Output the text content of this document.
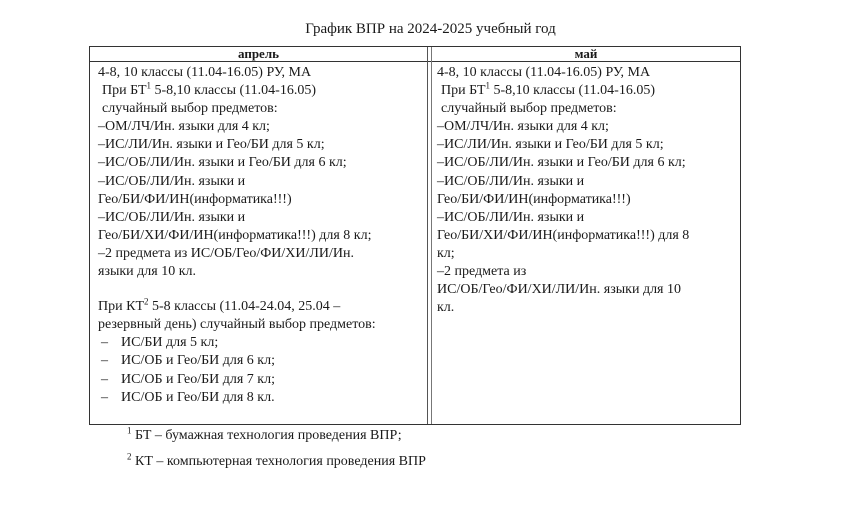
График ВПР на 2024-2025 учебный год
апрель	май
4-8, 10 классы (11.04-16.05) РУ, МА
При $БТ^1$ 5-8,10 классы (11.04-16.05)
случайный выбор предметов:
–ОМ/ЛЧ/Ин. языки для 4 кл;
–ИС/ЛИ/Ин. языки и Гео/БИ для 5 кл;
–ИС/ОБ/ЛИ/Ин. языки и Гео/БИ для 6 кл;
–ИС/ОБ/ЛИ/Ин. языки и
Гео/БИ/ФИ/ИН(информатика!!!)
–ИС/ОБ/ЛИ/Ин. языки и
Гео/БИ/ХИ/ФИ/ИН(информатика!!!) для 8 кл;
–2 предмета из ИС/ОБ/Гео/ФИ/ХИ/ЛИ/Ин.
языки для 10 кл.
При $КТ^2$ 5-8 классы (11.04-24.04, 25.04 –
резервный день) случайный выбор предметов:
– ИС/БИ для 5 кл;
– ИС/ОБ и Гео/БИ для 6 кл;
– ИС/ОБ и Гео/БИ для 7 кл;
– ИС/ОБ и Гео/БИ для 8 кл.
4-8, 10 классы (11.04-16.05) РУ, МА
При $БТ^1$ 5-8,10 классы (11.04-16.05)
случайный выбор предметов:
–ОМ/ЛЧ/Ин. языки для 4 кл;
–ИС/ЛИ/Ин. языки и Гео/БИ для 5 кл;
–ИС/ОБ/ЛИ/Ин. языки и Гео/БИ для 6 кл;
–ИС/ОБ/ЛИ/Ин. языки и
Гео/БИ/ФИ/ИН(информатика!!!)
–ИС/ОБ/ЛИ/Ин. языки и
Гео/БИ/ХИ/ФИ/ИН(информатика!!!) для 8
кл;
–2 предмета из
ИС/ОБ/Гео/ФИ/ХИ/ЛИ/Ин. языки для 10
кл.
$^1$ БТ – бумажная технология проведения ВПР;
$^2$ КТ – компьютерная технология проведения ВПР
